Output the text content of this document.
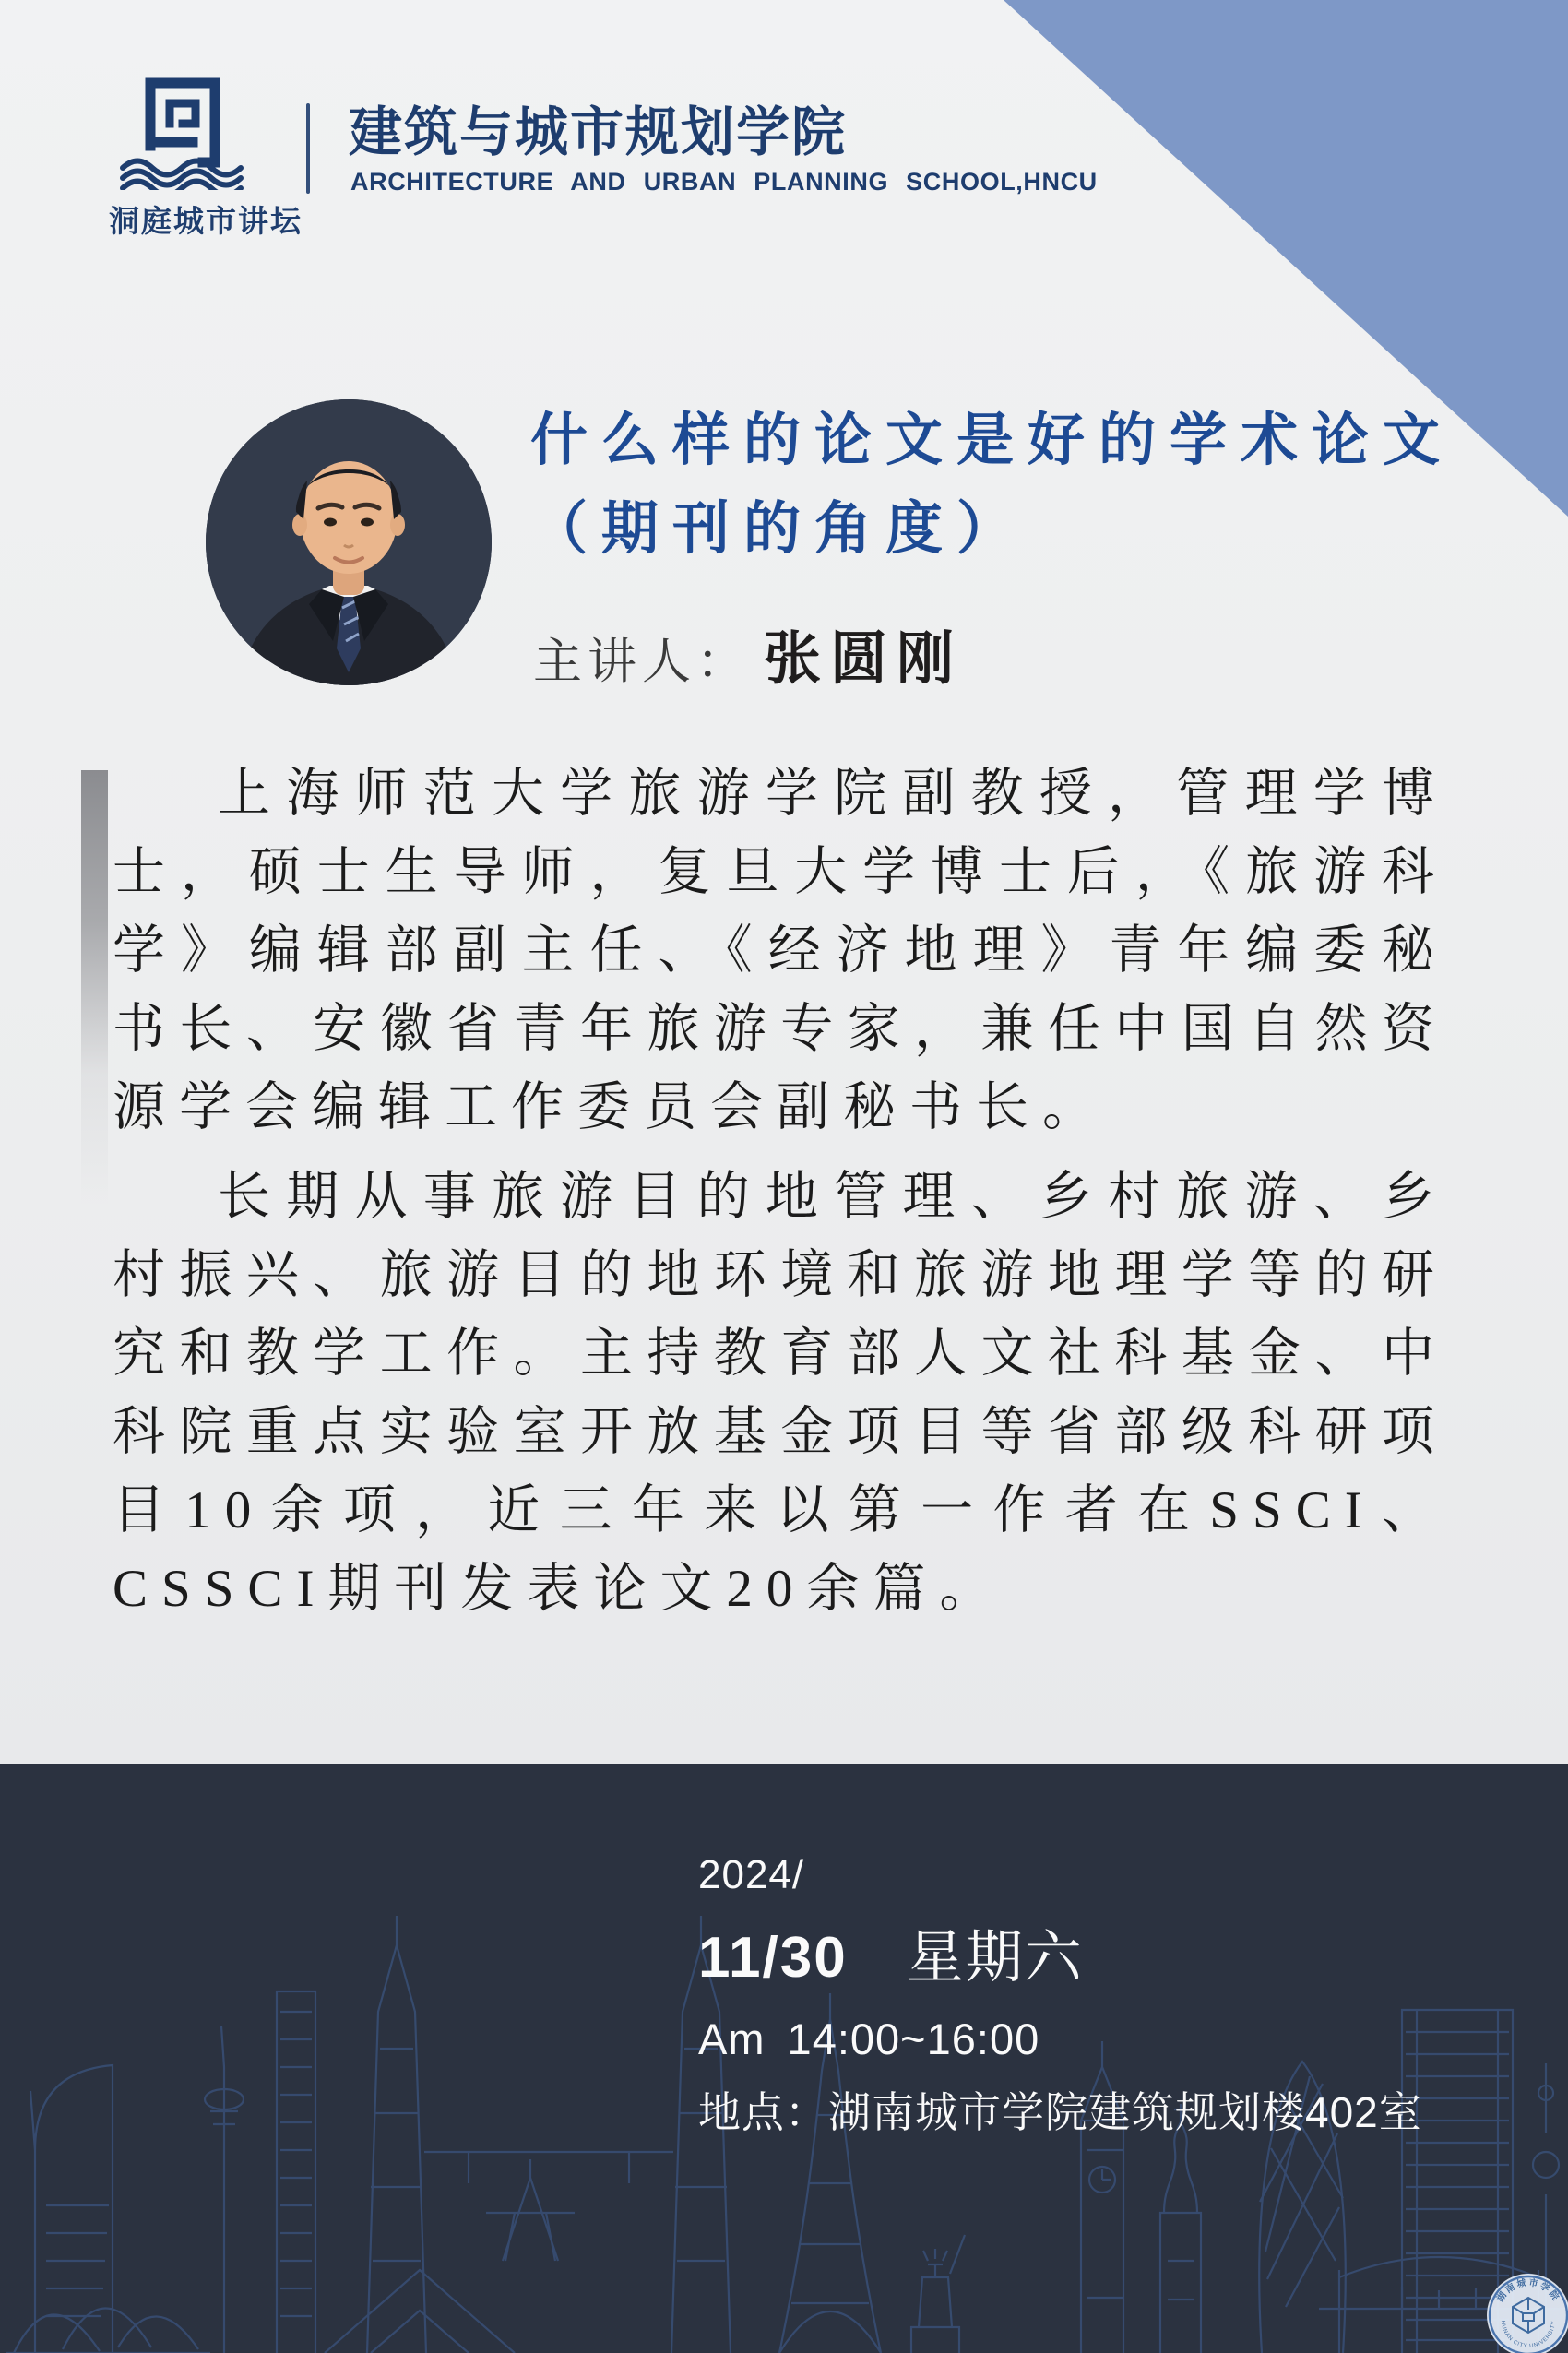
洞庭城市讲坛
建筑与城市规划学院
ARCHITECTURE AND URBAN PLANNING SCHOOL,HNCU
什么样的论文是好的学术论文
（期刊的角度）
主讲人： 张圆刚

上海师范大学旅游学院副教授，管理学博士，硕士生导师，复旦大学博士后，《旅游科学》编辑部副主任、《经济地理》青年编委秘书长、安徽省青年旅游专家，兼任中国自然资源学会编辑工作委员会副秘书长。

长期从事旅游目的地管理、乡村旅游、乡村振兴、旅游目的地环境和旅游地理学等的研究和教学工作。主持教育部人文社科基金、中科院重点实验室开放基金项目等省部级科研项目10余项，近三年来以第一作者在SSCI、CSSCI期刊发表论文20余篇。

2024/
11/30 星期六
Am 14:00~16:00
地点：湖南城市学院建筑规划楼402室
湖南城市学院
HUNAN CITY UNIVERSITY
